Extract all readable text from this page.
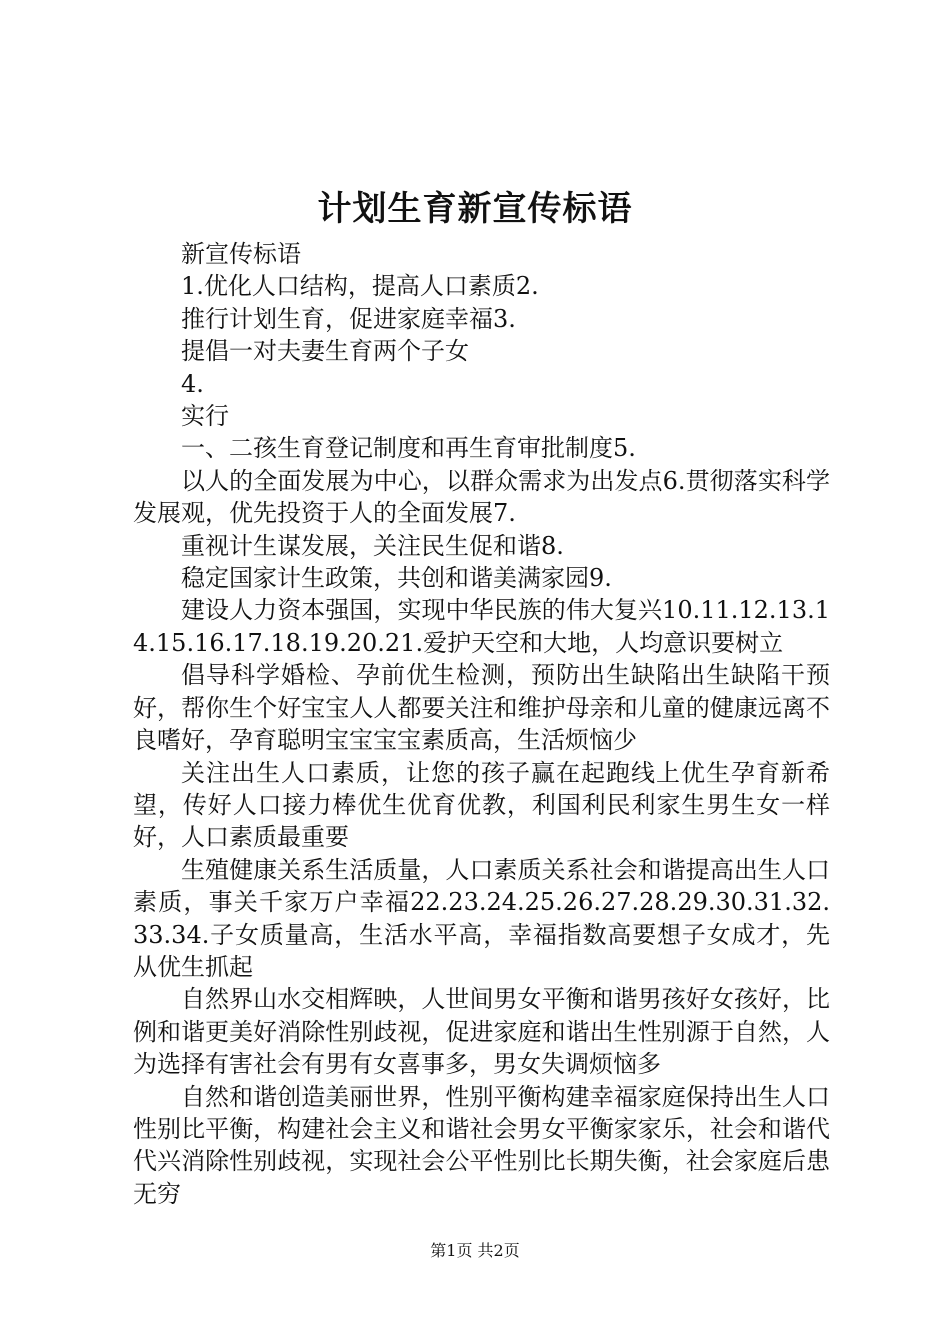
计划生育新宣传标语

新宣传标语

1.优化人口结构，提高人口素质2.

推行计划生育，促进家庭幸福3.

提倡一对夫妻生育两个子女

4.

实行

一、二孩生育登记制度和再生育审批制度5.

以人的全面发展为中心，以群众需求为出发点6.贯彻落实科学发展观，优先投资于人的全面发展7.

重视计生谋发展，关注民生促和谐8.

稳定国家计生政策，共创和谐美满家园9.

建设人力资本强国，实现中华民族的伟大复兴10.11.12.13.14.15.16.17.18.19.20.21.爱护天空和大地，人均意识要树立

倡导科学婚检、孕前优生检测，预防出生缺陷出生缺陷干预好，帮你生个好宝宝人人都要关注和维护母亲和儿童的健康远离不良嗜好，孕育聪明宝宝宝宝素质高，生活烦恼少

关注出生人口素质，让您的孩子赢在起跑线上优生孕育新希望，传好人口接力棒优生优育优教，利国利民利家生男生女一样好，人口素质最重要

生殖健康关系生活质量，人口素质关系社会和谐提高出生人口素质，事关千家万户幸福22.23.24.25.26.27.28.29.30.31.32.33.34.子女质量高，生活水平高，幸福指数高要想子女成才，先从优生抓起

自然界山水交相辉映，人世间男女平衡和谐男孩好女孩好，比例和谐更美好消除性别歧视，促进家庭和谐出生性别源于自然，人为选择有害社会有男有女喜事多，男女失调烦恼多

自然和谐创造美丽世界，性别平衡构建幸福家庭保持出生人口性别比平衡，构建社会主义和谐社会男女平衡家家乐，社会和谐代代兴消除性别歧视，实现社会公平性别比长期失衡，社会家庭后患无穷

第1页 共2页
